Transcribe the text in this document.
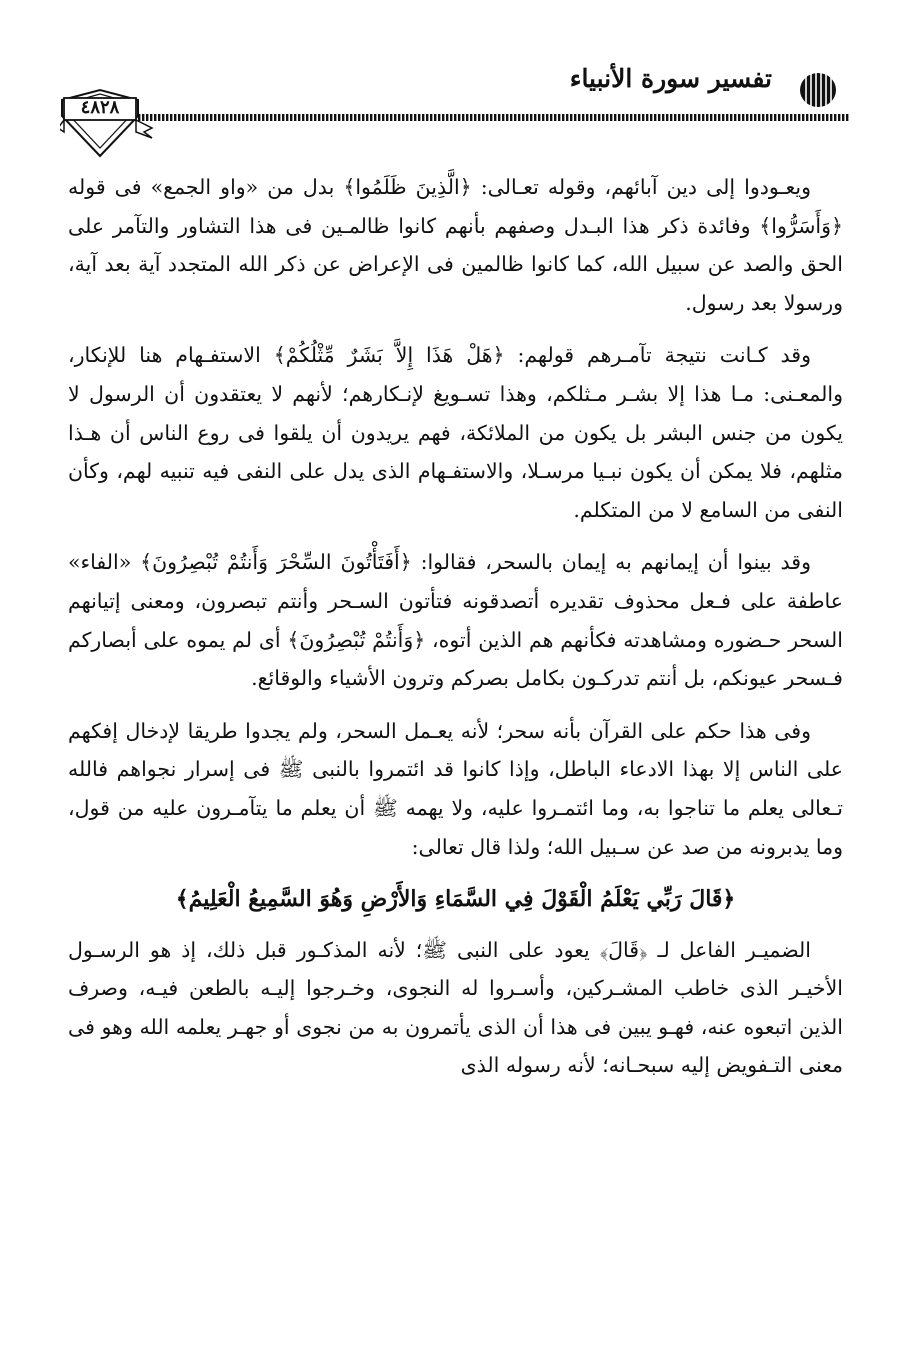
تفسير سورة الأنبياء
٤٨٢٨

ويعـودوا إلى دين آبائهم، وقوله تعـالى: ﴿الَّذِينَ ظَلَمُوا﴾ بدل من «واو الجمع» فى قوله ﴿وَأَسَرُّوا﴾ وفائدة ذكر هذا البـدل وصفهم بأنهم كانوا ظالمـين فى هذا التشاور والتآمر على الحق والصد عن سبيل الله، كما كانوا ظالمين فى الإعراض عن ذكر الله المتجدد آية بعد آية، ورسولا بعد رسول.

وقد كـانت نتيجة تآمـرهم قولهم: ﴿هَلْ هَذَا إِلاَّ بَشَرٌ مِّثْلُكُمْ﴾ الاستفـهام هنا للإنكار، والمعـنى: مـا هذا إلا بشـر مـثلكم، وهذا تسـويغ لإنـكارهم؛ لأنهم لا يعتقدون أن الرسول لا يكون من جنس البشر بل يكون من الملائكة، فهم يريدون أن يلقوا فى روع الناس أن هـذا مثلهم، فلا يمكن أن يكون نبـيا مرسـلا، والاستفـهام الذى يدل على النفى فيه تنبيه لهم، وكأن النفى من السامع لا من المتكلم.

وقد بينوا أن إيمانهم به إيمان بالسحر، فقالوا: ﴿أَفَتَأْتُونَ السِّحْرَ وَأَنتُمْ تُبْصِرُونَ﴾ «الفاء» عاطفة على فـعل محذوف تقديره أتصدقونه فتأتون السـحر وأنتم تبصرون، ومعنى إتيانهم السحر حـضوره ومشاهدته فكأنهم هم الذين أتوه، ﴿وَأَنتُمْ تُبْصِرُونَ﴾ أى لم يموه على أبصاركم فـسحر عيونكم، بل أنتم تدركـون بكامل بصركم وترون الأشياء والوقائع.

وفى هذا حكم على القرآن بأنه سحر؛ لأنه يعـمل السحر، ولم يجدوا طريقا لإدخال إفكهم على الناس إلا بهذا الادعاء الباطل، وإذا كانوا قد ائتمروا بالنبى ﷺ فى إسرار نجواهم فالله تـعالى يعلم ما تناجوا به، وما ائتمـروا عليه، ولا يهمه ﷺ أن يعلم ما يتآمـرون عليه من قول، وما يدبرونه من صد عن سـبيل الله؛ ولذا قال تعالى:

﴿قَالَ رَبِّي يَعْلَمُ الْقَوْلَ فِي السَّمَاءِ وَالأَرْضِ وَهُوَ السَّمِيعُ الْعَلِيمُ﴾

الضميـر الفاعل لـ ﴿قَالَ﴾ يعود على النبى ﷺ؛ لأنه المذكـور قبل ذلك، إذ هو الرسـول الأخيـر الذى خاطب المشـركين، وأسـروا له النجوى، وخـرجوا إليـه بالطعن فيـه، وصرف الذين اتبعوه عنه، فهـو يبين فى هذا أن الذى يأتمرون به من نجوى أو جهـر يعلمه الله وهو فى معنى التـفويض إليه سبحـانه؛ لأنه رسوله الذى
